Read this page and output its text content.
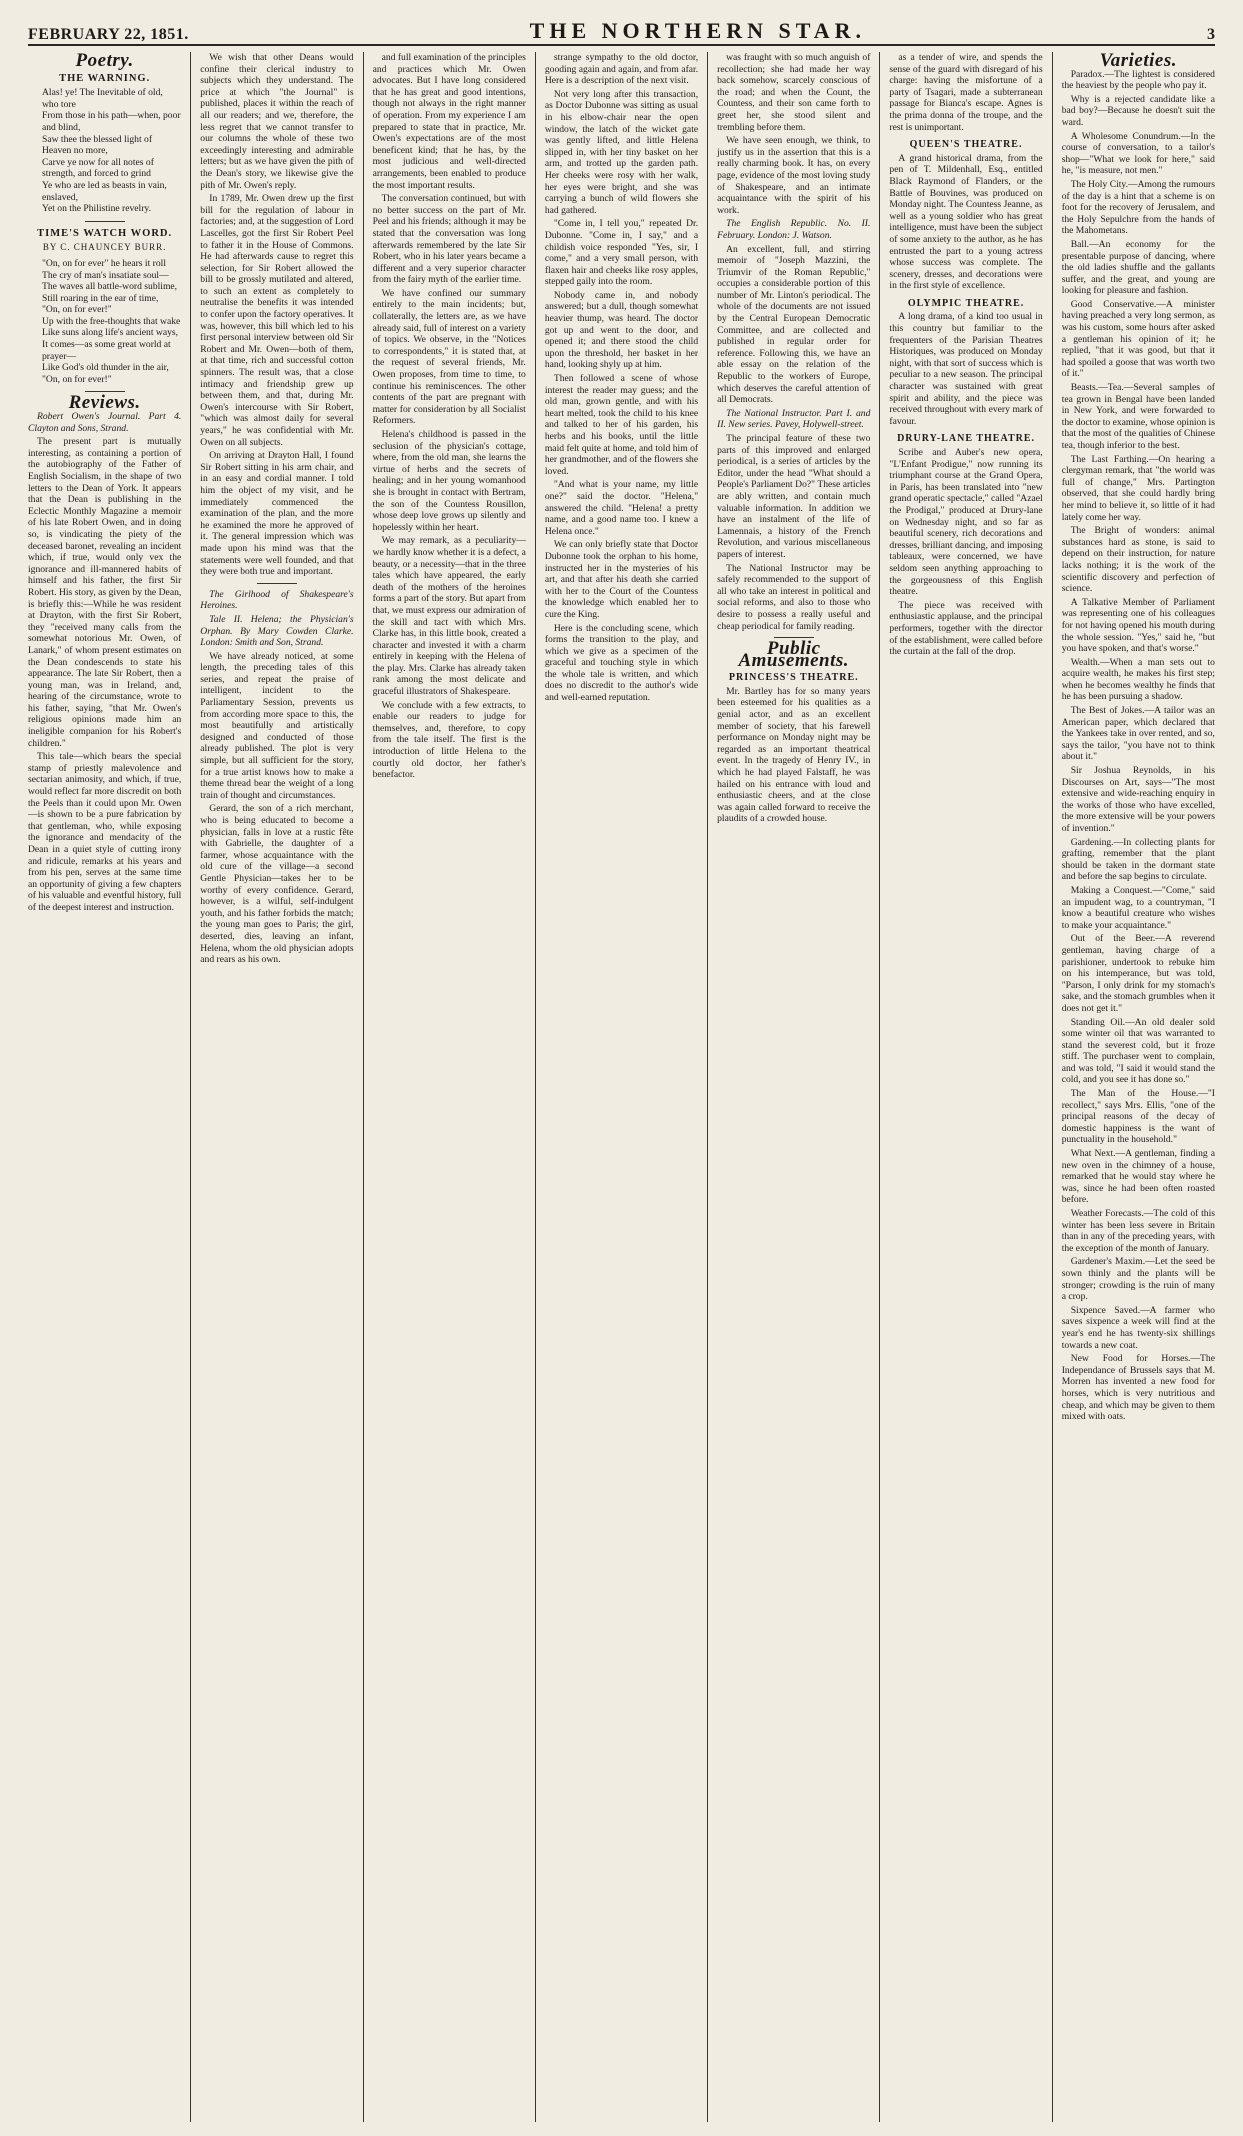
FEBRUARY 22, 1851.	THE NORTHERN STAR.	3
Poetry.
THE WARNING.

Alas! ye! The Inevitable of old, who tore

From those in his path—when, poor and blind,

Saw thee the blessed light of Heaven no more,

Carve ye now for all notes of strength, and forced to grind

Ye who are led as beasts in vain, enslaved,

Yet on the Philistine revelry.

TIME'S WATCH WORD.
BY C. CHAUNCEY BURR.

"On, on for ever" he hears it roll

The cry of man's insatiate soul—

The waves all battle-word sublime,

Still roaring in the ear of time,

"On, on for ever!"

Up with the free-thoughts that wake

Like suns along life's ancient ways,

It comes—as some great world at prayer—

Like God's old thunder in the air,

"On, on for ever!"

Reviews.

Robert Owen's Journal. Part 4. Clayton and Sons, Strand.

The present part is mutually interesting, as containing a portion of the autobiography of the Father of English Socialism, in the shape of two letters to the Dean of York. It appears that the Dean is publishing in the Eclectic Monthly Magazine a memoir of his late Robert Owen, and in doing so, is vindicating the piety of the deceased baronet, revealing an incident which, if true, would only vex the ignorance and ill-mannered habits of himself and his father, the first Sir Robert. His story, as given by the Dean, is briefly this:—While he was resident at Drayton, with the first Sir Robert, they "received many calls from the somewhat notorious Mr. Owen, of Lanark," of whom present estimates on the Dean condescends to state his appearance. The late Sir Robert, then a young man, was in Ireland, and, hearing of the circumstance, wrote to his father, saying, "that Mr. Owen's religious opinions made him an ineligible companion for his Robert's children."

This tale—which bears the special stamp of priestly malevolence and sectarian animosity, and which, if true, would reflect far more discredit on both the Peels than it could upon Mr. Owen—is shown to be a pure fabrication by that gentleman, who, while exposing the ignorance and mendacity of the Dean in a quiet style of cutting irony and ridicule, remarks at his years and from his pen, serves at the same time an opportunity of giving a few chapters of his valuable and eventful history, full of the deepest interest and instruction.

We wish that other Deans would confine their clerical industry to subjects which they understand. The price at which "the Journal" is published, places it within the reach of all our readers; and we, therefore, the less regret that we cannot transfer to our columns the whole of these two exceedingly interesting and admirable letters; but as we have given the pith of the Dean's story, we likewise give the pith of Mr. Owen's reply.

In 1789, Mr. Owen drew up the first bill for the regulation of labour in factories; and, at the suggestion of Lord Lascelles, got the first Sir Robert Peel to father it in the House of Commons. He had afterwards cause to regret this selection, for Sir Robert allowed the bill to be grossly mutilated and altered, to such an extent as completely to neutralise the benefits it was intended to confer upon the factory operatives. It was, however, this bill which led to his first personal interview between old Sir Robert and Mr. Owen—both of them, at that time, rich and successful cotton spinners. The result was, that a close intimacy and friendship grew up between them, and that, during Mr. Owen's intercourse with Sir Robert, "which was almost daily for several years," he was confidential with Mr. Owen on all subjects.

On arriving at Drayton Hall, I found Sir Robert sitting in his arm chair, and in an easy and cordial manner. I told him the object of my visit, and he immediately commenced the examination of the plan, and the more he examined the more he approved of it. The general impression which was made upon his mind was that the statements were well founded, and that they were both true and important.

The Girlhood of Shakespeare's Heroines.

Tale II. Helena; the Physician's Orphan. By Mary Cowden Clarke. London: Smith and Son, Strand.

We have already noticed, at some length, the preceding tales of this series, and repeat the praise of intelligent, incident to the Parliamentary Session, prevents us from according more space to this, the most beautifully and artistically designed and conducted of those already published. The plot is very simple, but all sufficient for the story, for a true artist knows how to make a theme thread bear the weight of a long train of thought and circumstances.

Gerard, the son of a rich merchant, who is being educated to become a physician, falls in love at a rustic fête with Gabrielle, the daughter of a farmer, whose acquaintance with the old cure of the village—a second Gentle Physician—takes her to be worthy of every confidence. Gerard, however, is a wilful, self-indulgent youth, and his father forbids the match; the young man goes to Paris; the girl, deserted, dies, leaving an infant, Helena, whom the old physician adopts and rears as his own.

and full examination of the principles and practices which Mr. Owen advocates. But I have long considered that he has great and good intentions, though not always in the right manner of operation. From my experience I am prepared to state that in practice, Mr. Owen's expectations are of the most beneficent kind; that he has, by the most judicious and well-directed arrangements, been enabled to produce the most important results.

The conversation continued, but with no better success on the part of Mr. Peel and his friends; although it may be stated that the conversation was long afterwards remembered by the late Sir Robert, who in his later years became a different and a very superior character from the fairy myth of the earlier time.

We have confined our summary entirely to the main incidents; but, collaterally, the letters are, as we have already said, full of interest on a variety of topics. We observe, in the "Notices to correspondents," it is stated that, at the request of several friends, Mr. Owen proposes, from time to time, to continue his reminiscences. The other contents of the part are pregnant with matter for consideration by all Socialist Reformers.

Helena's childhood is passed in the seclusion of the physician's cottage, where, from the old man, she learns the virtue of herbs and the secrets of healing; and in her young womanhood she is brought in contact with Bertram, the son of the Countess Rousillon, whose deep love grows up silently and hopelessly within her heart.

We may remark, as a peculiarity—we hardly know whether it is a defect, a beauty, or a necessity—that in the three tales which have appeared, the early death of the mothers of the heroines forms a part of the story. But apart from that, we must express our admiration of the skill and tact with which Mrs. Clarke has, in this little book, created a character and invested it with a charm entirely in keeping with the Helena of the play. Mrs. Clarke has already taken rank among the most delicate and graceful illustrators of Shakespeare.

We conclude with a few extracts, to enable our readers to judge for themselves, and, therefore, to copy from the tale itself. The first is the introduction of little Helena to the courtly old doctor, her father's benefactor.

strange sympathy to the old doctor, gooding again and again, and from afar. Here is a description of the next visit.

Not very long after this transaction, as Doctor Dubonne was sitting as usual in his elbow-chair near the open window, the latch of the wicket gate was gently lifted, and little Helena slipped in, with her tiny basket on her arm, and trotted up the garden path. Her cheeks were rosy with her walk, her eyes were bright, and she was carrying a bunch of wild flowers she had gathered.

"Come in, I tell you," repeated Dr. Dubonne. "Come in, I say," and a childish voice responded "Yes, sir, I come," and a very small person, with flaxen hair and cheeks like rosy apples, stepped gaily into the room.

Nobody came in, and nobody answered; but a dull, though somewhat heavier thump, was heard. The doctor got up and went to the door, and opened it; and there stood the child upon the threshold, her basket in her hand, looking shyly up at him.

Then followed a scene of whose interest the reader may guess; and the old man, grown gentle, and with his heart melted, took the child to his knee and talked to her of his garden, his herbs and his books, until the little maid felt quite at home, and told him of her grandmother, and of the flowers she loved.

"And what is your name, my little one?" said the doctor. "Helena," answered the child. "Helena! a pretty name, and a good name too. I knew a Helena once."

We can only briefly state that Doctor Dubonne took the orphan to his home, instructed her in the mysteries of his art, and that after his death she carried with her to the Court of the Countess the knowledge which enabled her to cure the King.

Here is the concluding scene, which forms the transition to the play, and which we give as a specimen of the graceful and touching style in which the whole tale is written, and which does no discredit to the author's wide and well-earned reputation.

was fraught with so much anguish of recollection; she had made her way back somehow, scarcely conscious of the road; and when the Count, the Countess, and their son came forth to greet her, she stood silent and trembling before them.

We have seen enough, we think, to justify us in the assertion that this is a really charming book. It has, on every page, evidence of the most loving study of Shakespeare, and an intimate acquaintance with the spirit of his work.

The English Republic. No. II. February. London: J. Watson.

An excellent, full, and stirring memoir of "Joseph Mazzini, the Triumvir of the Roman Republic," occupies a considerable portion of this number of Mr. Linton's periodical. The whole of the documents are not issued by the Central European Democratic Committee, and are collected and published in regular order for reference. Following this, we have an able essay on the relation of the Republic to the workers of Europe, which deserves the careful attention of all Democrats.

The National Instructor. Part I. and II. New series. Pavey, Holywell-street.

The principal feature of these two parts of this improved and enlarged periodical, is a series of articles by the Editor, under the head "What should a People's Parliament Do?" These articles are ably written, and contain much valuable information. In addition we have an instalment of the life of Lamennais, a history of the French Revolution, and various miscellaneous papers of interest.

The National Instructor may be safely recommended to the support of all who take an interest in political and social reforms, and also to those who desire to possess a really useful and cheap periodical for family reading.

Public Amusements.
PRINCESS'S THEATRE.

Mr. Bartley has for so many years been esteemed for his qualities as a genial actor, and as an excellent member of society, that his farewell performance on Monday night may be regarded as an important theatrical event. In the tragedy of Henry IV., in which he had played Falstaff, he was hailed on his entrance with loud and enthusiastic cheers, and at the close was again called forward to receive the plaudits of a crowded house.

as a tender of wire, and spends the sense of the guard with disregard of his charge: having the misfortune of a party of Tsagari, made a subterranean passage for Bianca's escape. Agnes is the prima donna of the troupe, and the rest is unimportant.

QUEEN'S THEATRE.

A grand historical drama, from the pen of T. Mildenhall, Esq., entitled Black Raymond of Flanders, or the Battle of Bouvines, was produced on Monday night. The Countess Jeanne, as well as a young soldier who has great intelligence, must have been the subject of some anxiety to the author, as he has entrusted the part to a young actress whose success was complete. The scenery, dresses, and decorations were in the first style of excellence.

OLYMPIC THEATRE.

A long drama, of a kind too usual in this country but familiar to the frequenters of the Parisian Theatres Historiques, was produced on Monday night, with that sort of success which is peculiar to a new season. The principal character was sustained with great spirit and ability, and the piece was received throughout with every mark of favour.

DRURY-LANE THEATRE.

Scribe and Auber's new opera, "L'Enfant Prodigue," now running its triumphant course at the Grand Opera, in Paris, has been translated into "new grand operatic spectacle," called "Azael the Prodigal," produced at Drury-lane on Wednesday night, and so far as beautiful scenery, rich decorations and dresses, brilliant dancing, and imposing tableaux, were concerned, we have seldom seen anything approaching to the gorgeousness of this English theatre.

The piece was received with enthusiastic applause, and the principal performers, together with the director of the establishment, were called before the curtain at the fall of the drop.

Varieties.

Paradox.—The lightest is considered the heaviest by the people who pay it.

Why is a rejected candidate like a bad boy?—Because he doesn't suit the ward.

A Wholesome Conundrum.—In the course of conversation, to a tailor's shop—"What we look for here," said he, "is measure, not men."

The Holy City.—Among the rumours of the day is a hint that a scheme is on foot for the recovery of Jerusalem, and the Holy Sepulchre from the hands of the Mahometans.

Ball.—An economy for the presentable purpose of dancing, where the old ladies shuffle and the gallants suffer, and the great, and young are looking for pleasure and fashion.

Good Conservative.—A minister having preached a very long sermon, as was his custom, some hours after asked a gentleman his opinion of it; he replied, "that it was good, but that it had spoiled a goose that was worth two of it."

Beasts.—Tea.—Several samples of tea grown in Bengal have been landed in New York, and were forwarded to the doctor to examine, whose opinion is that the most of the qualities of Chinese tea, though inferior to the best.

The Last Farthing.—On hearing a clergyman remark, that "the world was full of change," Mrs. Partington observed, that she could hardly bring her mind to believe it, so little of it had lately come her way.

The Bright of wonders: animal substances hard as stone, is said to depend on their instruction, for nature lacks nothing; it is the work of the scientific discovery and perfection of science.

A Talkative Member of Parliament was representing one of his colleagues for not having opened his mouth during the whole session. "Yes," said he, "but you have spoken, and that's worse."

Wealth.—When a man sets out to acquire wealth, he makes his first step; when he becomes wealthy he finds that he has been pursuing a shadow.

The Best of Jokes.—A tailor was an American paper, which declared that the Yankees take in over rented, and so, says the tailor, "you have not to think about it."

Sir Joshua Reynolds, in his Discourses on Art, says—"The most extensive and wide-reaching enquiry in the works of those who have excelled, the more extensive will be your powers of invention."

Gardening.—In collecting plants for grafting, remember that the plant should be taken in the dormant state and before the sap begins to circulate.

Making a Conquest.—"Come," said an impudent wag, to a countryman, "I know a beautiful creature who wishes to make your acquaintance."

Out of the Beer.—A reverend gentleman, having charge of a parishioner, undertook to rebuke him on his intemperance, but was told, "Parson, I only drink for my stomach's sake, and the stomach grumbles when it does not get it."

Standing Oil.—An old dealer sold some winter oil that was warranted to stand the severest cold, but it froze stiff. The purchaser went to complain, and was told, "I said it would stand the cold, and you see it has done so."

The Man of the House.—"I recollect," says Mrs. Ellis, "one of the principal reasons of the decay of domestic happiness is the want of punctuality in the household."

What Next.—A gentleman, finding a new oven in the chimney of a house, remarked that he would stay where he was, since he had been often roasted before.

Weather Forecasts.—The cold of this winter has been less severe in Britain than in any of the preceding years, with the exception of the month of January.

Gardener's Maxim.—Let the seed be sown thinly and the plants will be stronger; crowding is the ruin of many a crop.

Sixpence Saved.—A farmer who saves sixpence a week will find at the year's end he has twenty-six shillings towards a new coat.

New Food for Horses.—The Independance of Brussels says that M. Morren has invented a new food for horses, which is very nutritious and cheap, and which may be given to them mixed with oats.
